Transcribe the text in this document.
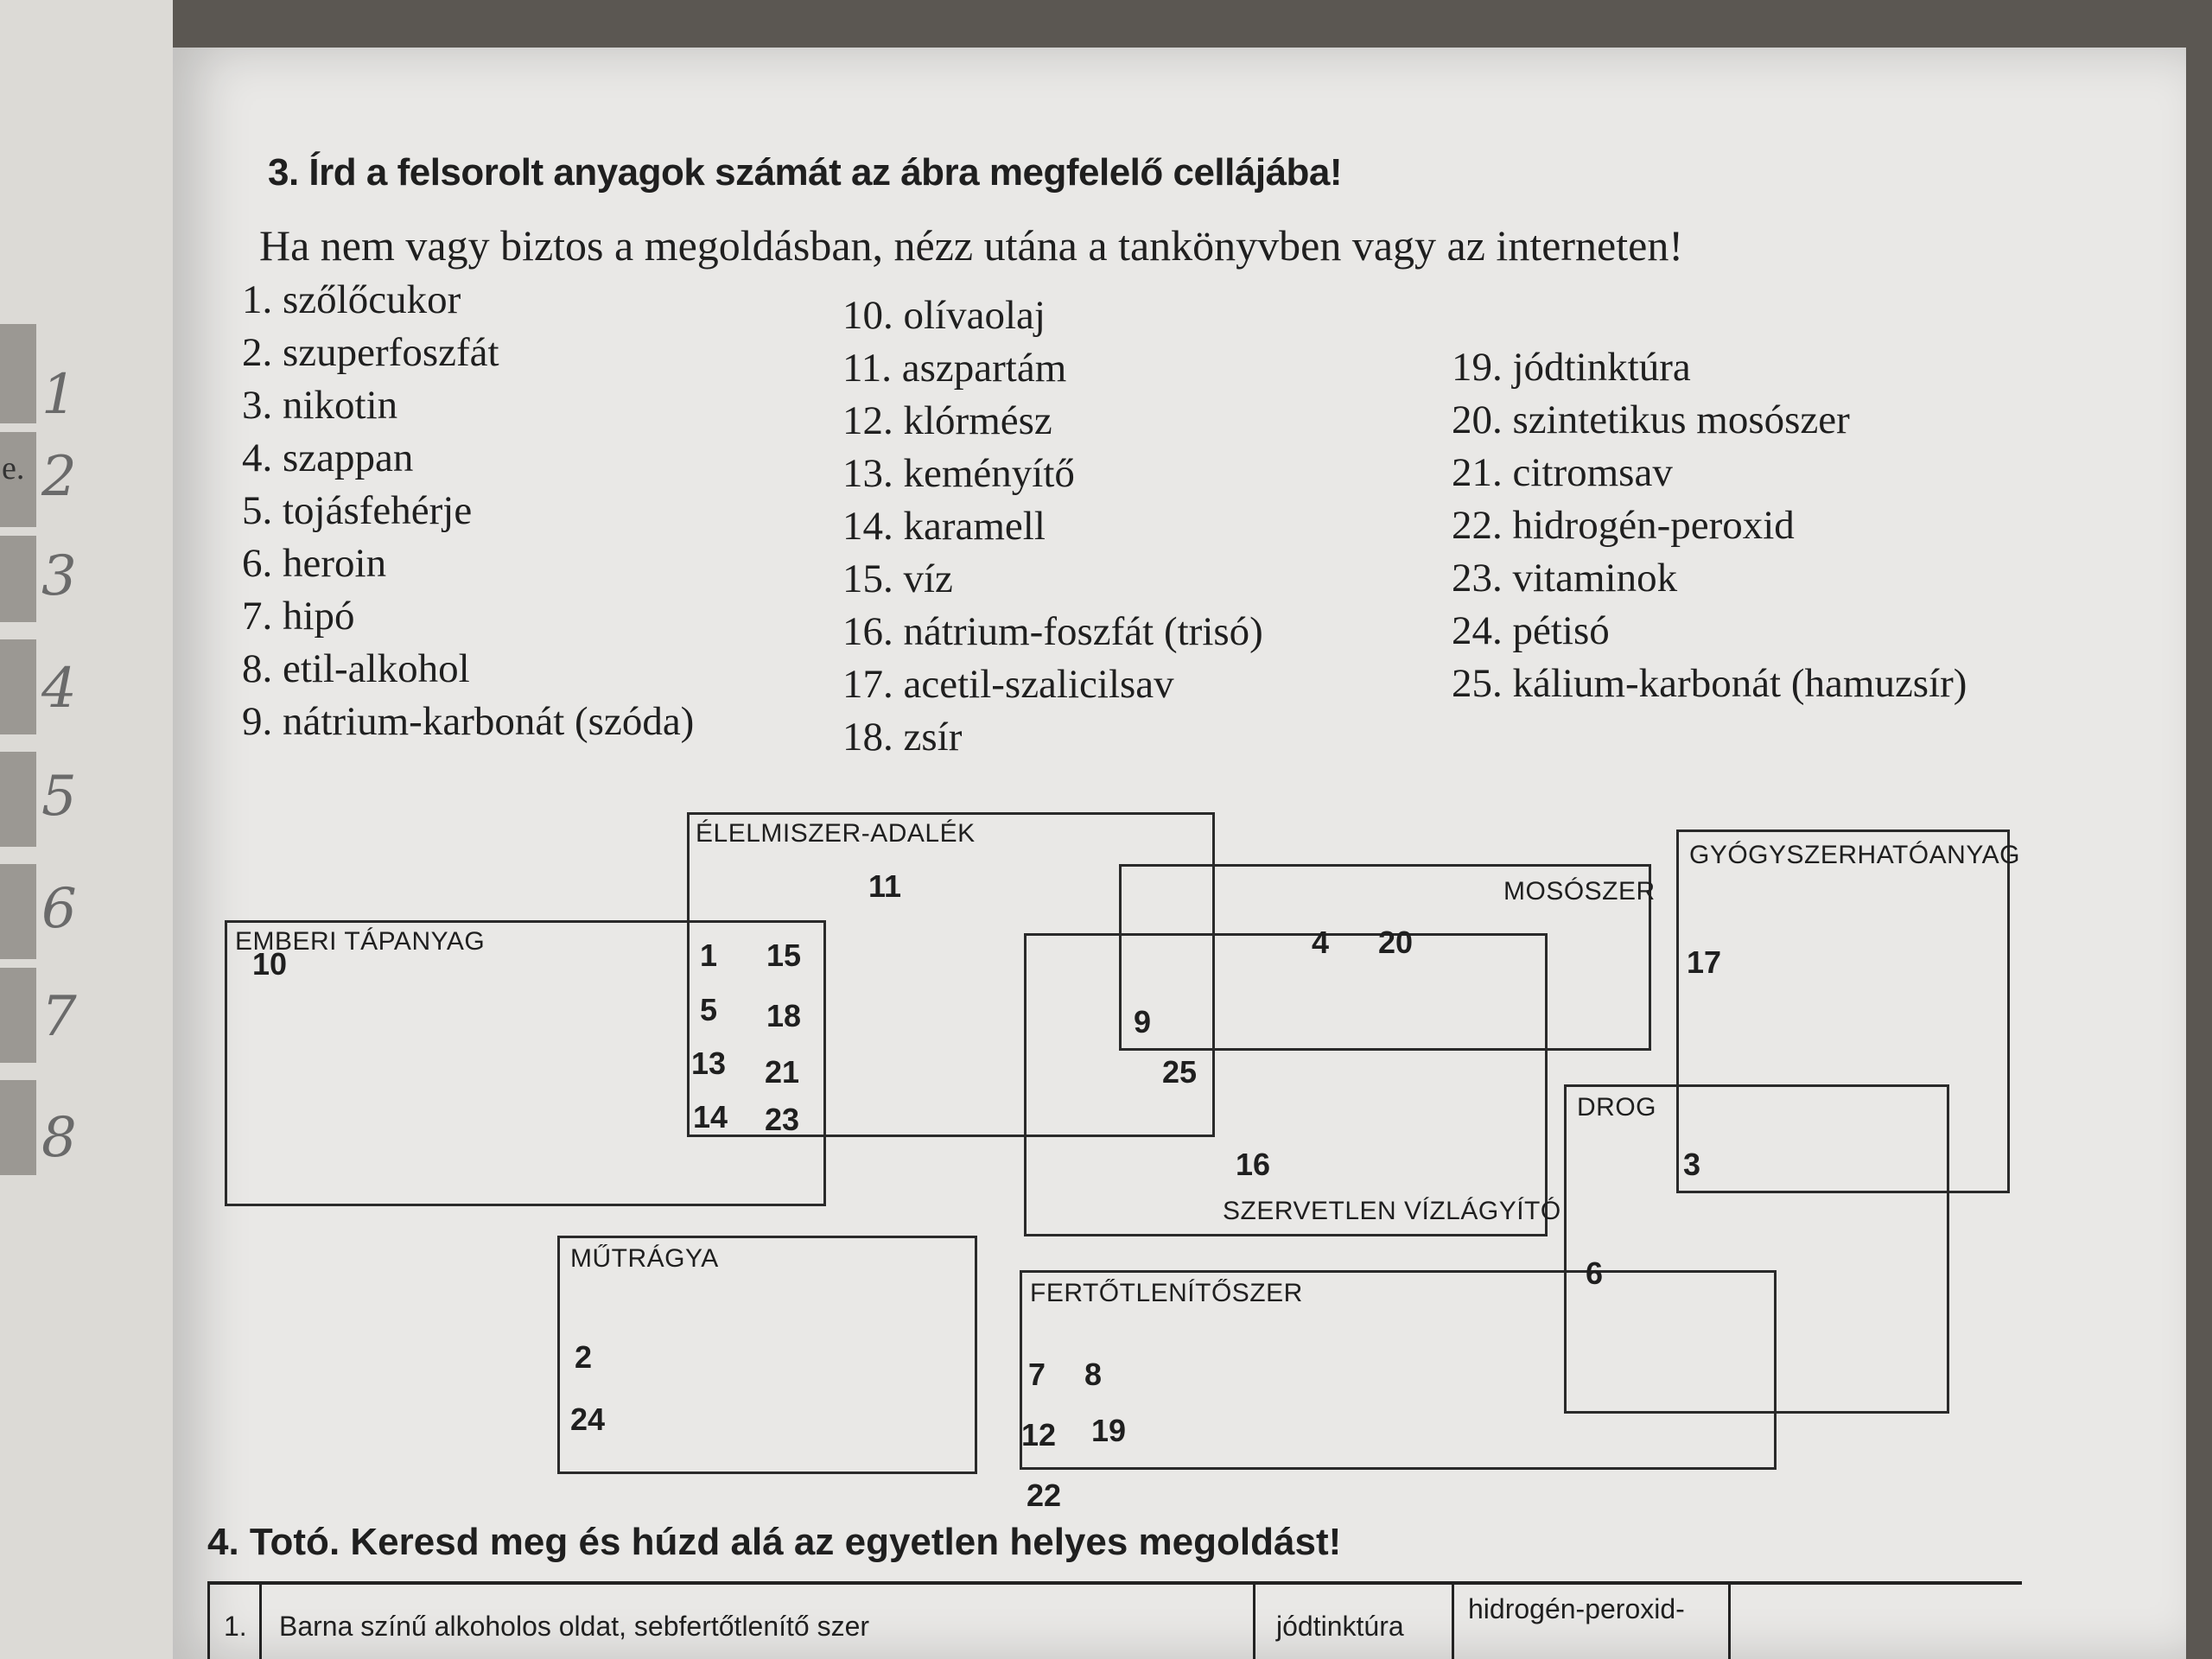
e.
1
2
3
4
5
6
7
8
3. Írd a felsorolt anyagok számát az ábra megfelelő cellájába!
Ha nem vagy biztos a megoldásban, nézz utána a tankönyvben vagy az interneten!
1. szőlőcukor
2. szuperfoszfát
3. nikotin
4. szappan
5. tojásfehérje
6. heroin
7. hipó
8. etil-alkohol
9. nátrium-karbonát (szóda)
10. olívaolaj
11. aszpartám
12. klórmész
13. keményítő
14. karamell
15. víz
16. nátrium-foszfát (trisó)
17. acetil-szalicilsav
18. zsír
19. jódtinktúra
20. szintetikus mosószer
21. citromsav
22. hidrogén-peroxid
23. vitaminok
24. pétisó
25. kálium-karbonát (hamuzsír)
ÉLELMISZER-ADALÉK
EMBERI TÁPANYAG
MOSÓSZER
GYÓGYSZERHATÓANYAG
SZERVETLEN VÍZLÁGYÍTÓ
DROG
MŰTRÁGYA
FERTŐTLENÍTŐSZER
10
11
1 15
5 18
13 21
14 23
4 20
9
25
16
17
3
6
2
24
7 8
12 19
22
4. Totó. Keresd meg és húzd alá az egyetlen helyes megoldást!
1.	Barna színű alkoholos oldat, sebfertőtlenítő szer	jódtinktúra
hidrogén-peroxid-
